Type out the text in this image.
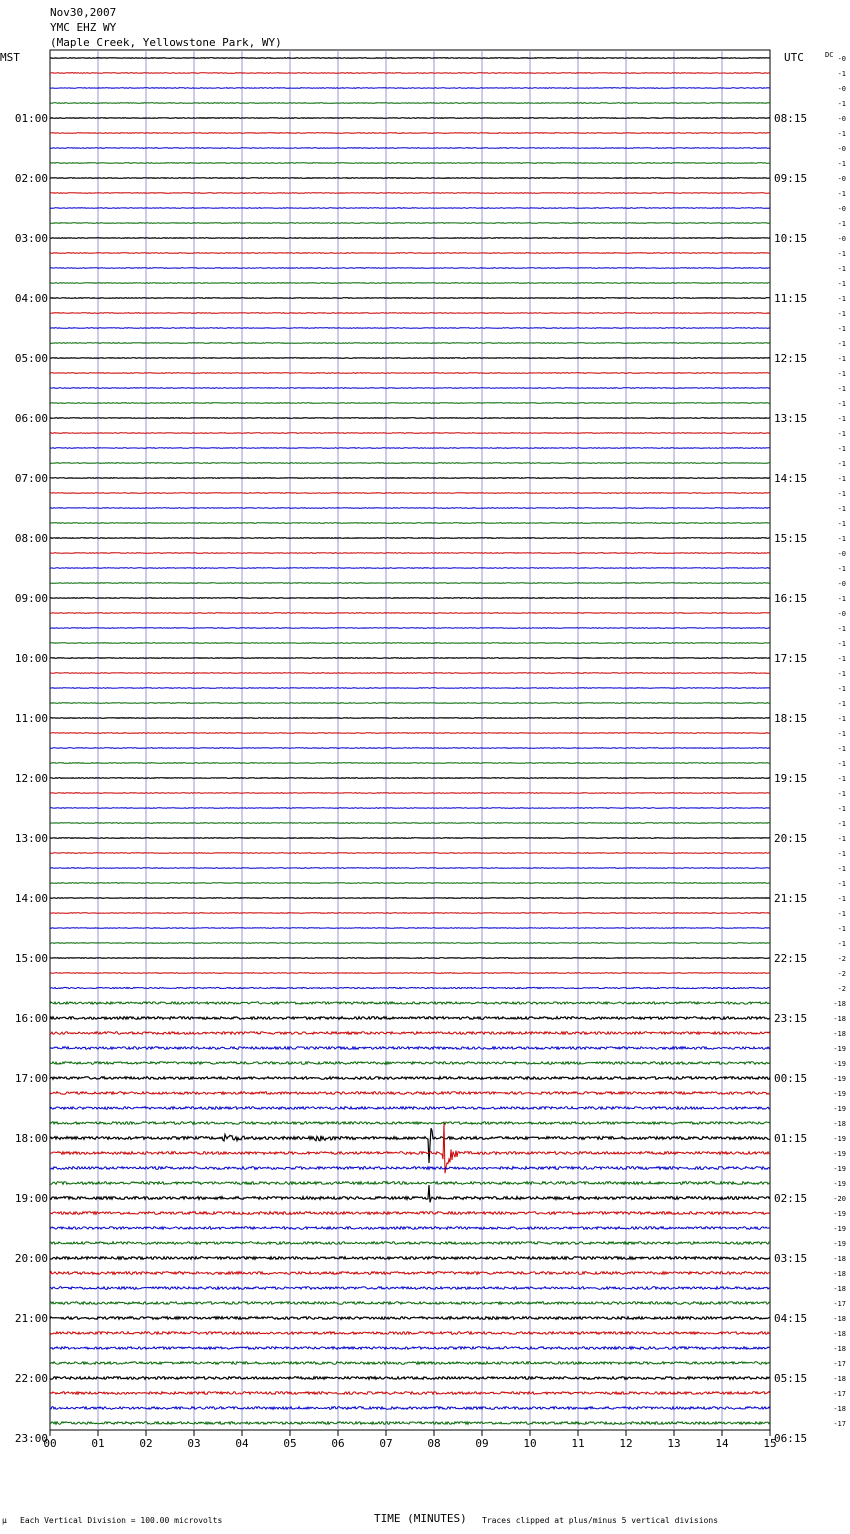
Nov30,2007
YMC EHZ WY
(Maple Creek, Yellowstone Park, WY)
MST	UTC	DC
01:00
02:00
03:00
04:00
05:00
06:00
07:00
08:00
09:00
10:00
11:00
12:00
13:00
14:00
15:00
16:00
17:00
18:00
19:00
20:00
21:00
22:00
23:00
08:15
09:15
10:15
11:15
12:15
13:15
14:15
15:15
16:15
17:15
18:15
19:15
20:15
21:15
22:15
23:15
00:15
01:15
02:15
03:15
04:15
05:15
06:15
-0
-1
-0
-1
-0
-1
-0
-1
-0
-1
-0
-1
-0
-1
-1
-1
-1
-1
-1
-1
-1
-1
-1
-1
-1
-1
-1
-1
-1
-1
-1
-1
-1
-0
-1
-0
-1
-0
-1
-1
-1
-1
-1
-1
-1
-1
-1
-1
-1
-1
-1
-1
-1
-1
-1
-1
-1
-1
-1
-1
-2
-2
-2
-18
-18
-18
-19
-19
-19
-19
-19
-18
-19
-19
-19
-19
-20
-19
-19
-19
-18
-18
-18
-17
-18
-18
-18
-17
-18
-17
-18
-17
00	01	02	03	04	05	06	07	08	09	10	11	12	13	14	15
μ Each Vertical Division = 100.00 microvolts	TIME (MINUTES) Traces clipped at plus/minus 5 vertical divisions
